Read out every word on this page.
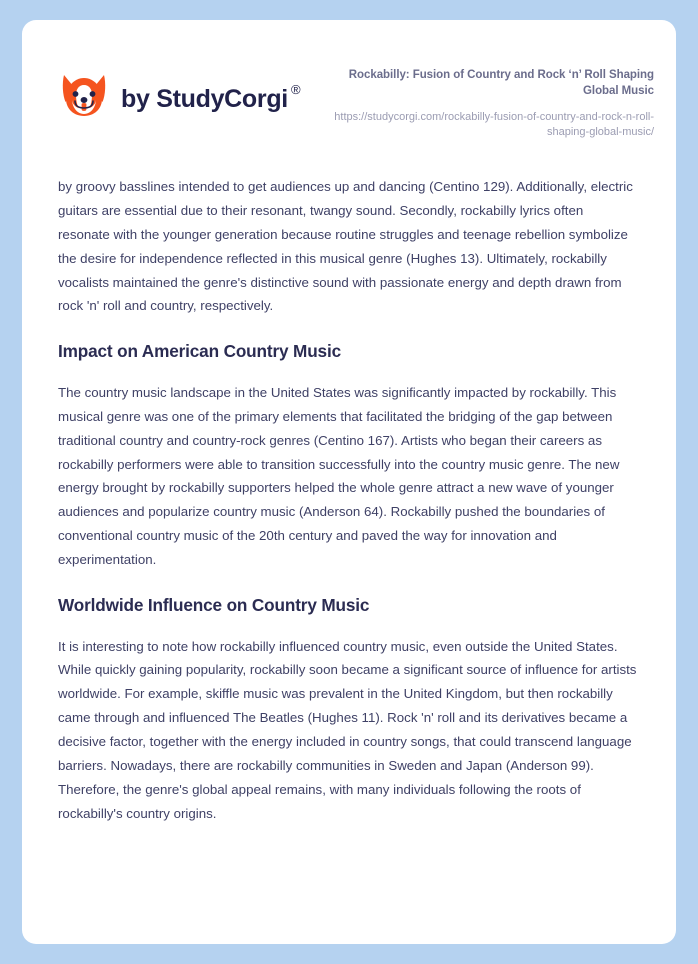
by StudyCorgi ®

Rockabilly: Fusion of Country and Rock ‘n’ Roll Shaping Global Music

https://studycorgi.com/rockabilly-fusion-of-country-and-rock-n-roll-shaping-global-music/

by groovy basslines intended to get audiences up and dancing (Centino 129). Additionally, electric guitars are essential due to their resonant, twangy sound. Secondly, rockabilly lyrics often resonate with the younger generation because routine struggles and teenage rebellion symbolize the desire for independence reflected in this musical genre (Hughes 13). Ultimately, rockabilly vocalists maintained the genre's distinctive sound with passionate energy and depth drawn from rock 'n' roll and country, respectively.

Impact on American Country Music

The country music landscape in the United States was significantly impacted by rockabilly. This musical genre was one of the primary elements that facilitated the bridging of the gap between traditional country and country-rock genres (Centino 167). Artists who began their careers as rockabilly performers were able to transition successfully into the country music genre. The new energy brought by rockabilly supporters helped the whole genre attract a new wave of younger audiences and popularize country music (Anderson 64). Rockabilly pushed the boundaries of conventional country music of the 20th century and paved the way for innovation and experimentation.

Worldwide Influence on Country Music

It is interesting to note how rockabilly influenced country music, even outside the United States. While quickly gaining popularity, rockabilly soon became a significant source of influence for artists worldwide. For example, skiffle music was prevalent in the United Kingdom, but then rockabilly came through and influenced The Beatles (Hughes 11). Rock 'n' roll and its derivatives became a decisive factor, together with the energy included in country songs, that could transcend language barriers. Nowadays, there are rockabilly communities in Sweden and Japan (Anderson 99). Therefore, the genre's global appeal remains, with many individuals following the roots of rockabilly's country origins.
